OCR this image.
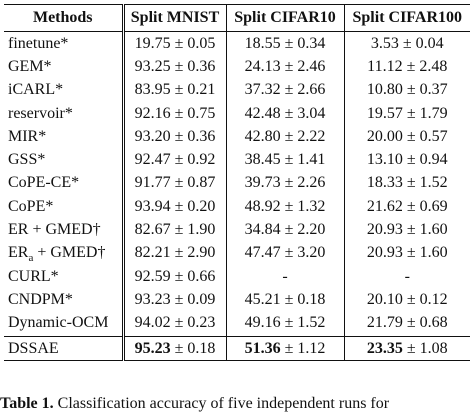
Methods	Split MNIST	Split CIFAR10	Split CIFAR100
finetune*	19.75 ± 0.05	18.55 ± 0.34	3.53 ± 0.04
GEM*	93.25 ± 0.36	24.13 ± 2.46	11.12 ± 2.48
iCARL*	83.95 ± 0.21	37.32 ± 2.66	10.80 ± 0.37
reservoir*	92.16 ± 0.75	42.48 ± 3.04	19.57 ± 1.79
MIR*	93.20 ± 0.36	42.80 ± 2.22	20.00 ± 0.57
GSS*	92.47 ± 0.92	38.45 ± 1.41	13.10 ± 0.94
CoPE-CE*	91.77 ± 0.87	39.73 ± 2.26	18.33 ± 1.52
CoPE*	93.94 ± 0.20	48.92 ± 1.32	21.62 ± 0.69
ER + GMED†	82.67 ± 1.90	34.84 ± 2.20	20.93 ± 1.60
$ER_a$ + GMED†	82.21 ± 2.90	47.47 ± 3.20	20.93 ± 1.60
CURL*	92.59 ± 0.66	-	-
CNDPM*	93.23 ± 0.09	45.21 ± 0.18	20.10 ± 0.12
Dynamic-OCM	94.02 ± 0.23	49.16 ± 1.52	21.79 ± 0.68
DSSAE	95.23 ± 0.18	51.36 ± 1.12	23.35 ± 1.08
Table 1. Classification accuracy of five independent runs for
